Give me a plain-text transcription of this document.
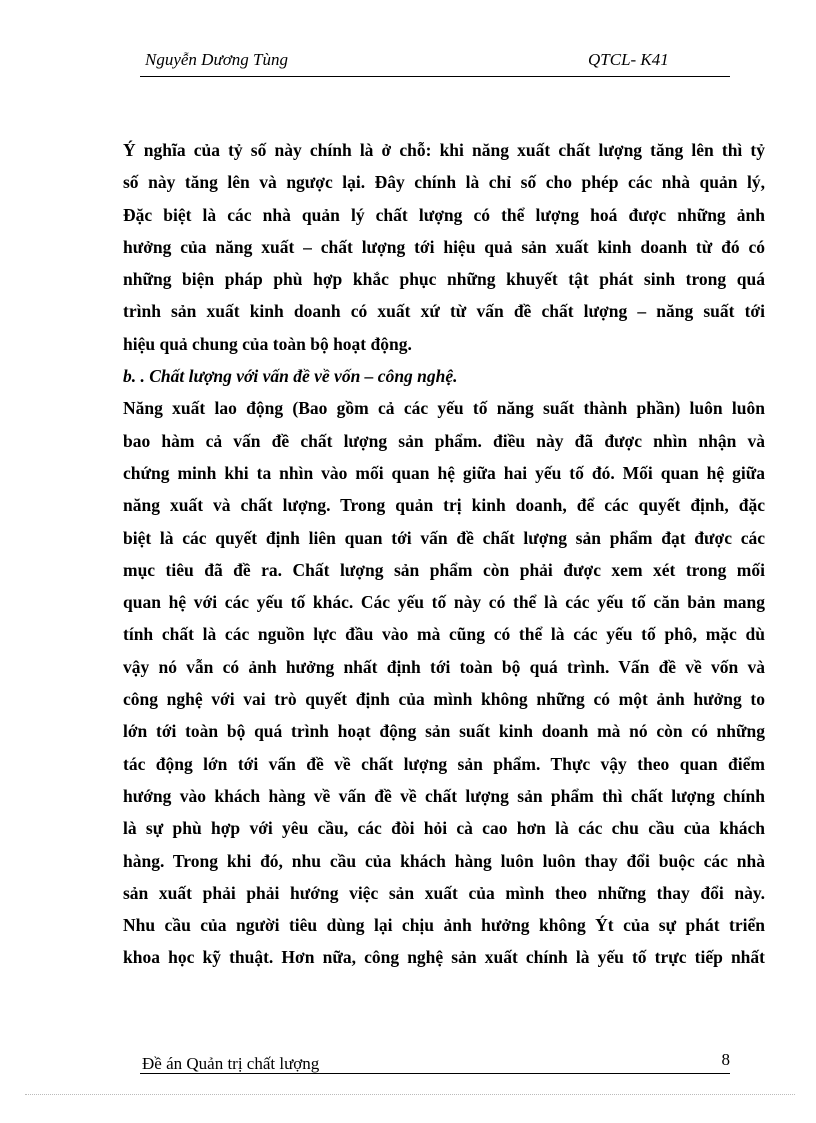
Nguyễn Dương Tùng	QTCL- K41

Ý nghĩa của tỷ số này chính là ở chỗ: khi năng xuất chất lượng tăng lên thì tỷ

số này tăng lên và ngược lại. Đây chính là chỉ số cho phép các nhà quản lý,

Đặc biệt là các nhà quản lý chất lượng có thể lượng hoá được những ảnh

hưởng của năng xuất – chất lượng tới hiệu quả sản xuất kinh doanh từ đó có

những biện pháp phù hợp khắc phục những khuyết tật phát sinh trong quá

trình sản xuất kinh doanh có xuất xứ từ vấn đề chất lượng – năng suất tới

hiệu quả chung của toàn bộ hoạt động.

b. . Chất lượng với vấn đề về vốn – công nghệ.

Năng xuất lao động (Bao gồm cả các yếu tố năng suất thành phần) luôn luôn

bao hàm cả vấn đề chất lượng sản phẩm. điều này đã được nhìn nhận và

chứng minh khi ta nhìn vào mối quan hệ giữa hai yếu tố đó. Mối quan hệ giữa

năng xuất và chất lượng. Trong quản trị kinh doanh, để các quyết định, đặc

biệt là các quyết định liên quan tới vấn đề chất lượng sản phẩm đạt được các

mục tiêu đã đề ra. Chất lượng sản phẩm còn phải được xem xét trong mối

quan hệ với các yếu tố khác. Các yếu tố này có thể là các yếu tố căn bản mang

tính chất là các nguồn lực đầu vào mà cũng có thể là các yếu tố phô, mặc dù

vậy nó vẫn có ảnh hưởng nhất định tới toàn bộ quá trình. Vấn đề về vốn và

công nghệ với vai trò quyết định của mình không những có một ảnh hưởng to

lớn tới toàn bộ quá trình hoạt động sản suất kinh doanh mà nó còn có những

tác động lớn tới vấn đề về chất lượng sản phẩm. Thực vậy theo quan điểm

hướng vào khách hàng về vấn đề về chất lượng sản phẩm thì chất lượng chính

là sự phù hợp với yêu cầu, các đòi hỏi cà cao hơn là các chu cầu của khách

hàng. Trong khi đó, nhu cầu của khách hàng luôn luôn thay đổi buộc các nhà

sản xuất phải phải hướng việc sản xuất của mình theo những thay đổi này.

Nhu cầu của người tiêu dùng lại chịu ảnh hưởng không Ýt của sự phát triển

khoa học kỹ thuật. Hơn nữa, công nghệ sản xuất chính là yếu tố trực tiếp nhất

Đề án Quản trị chất lượng	8
